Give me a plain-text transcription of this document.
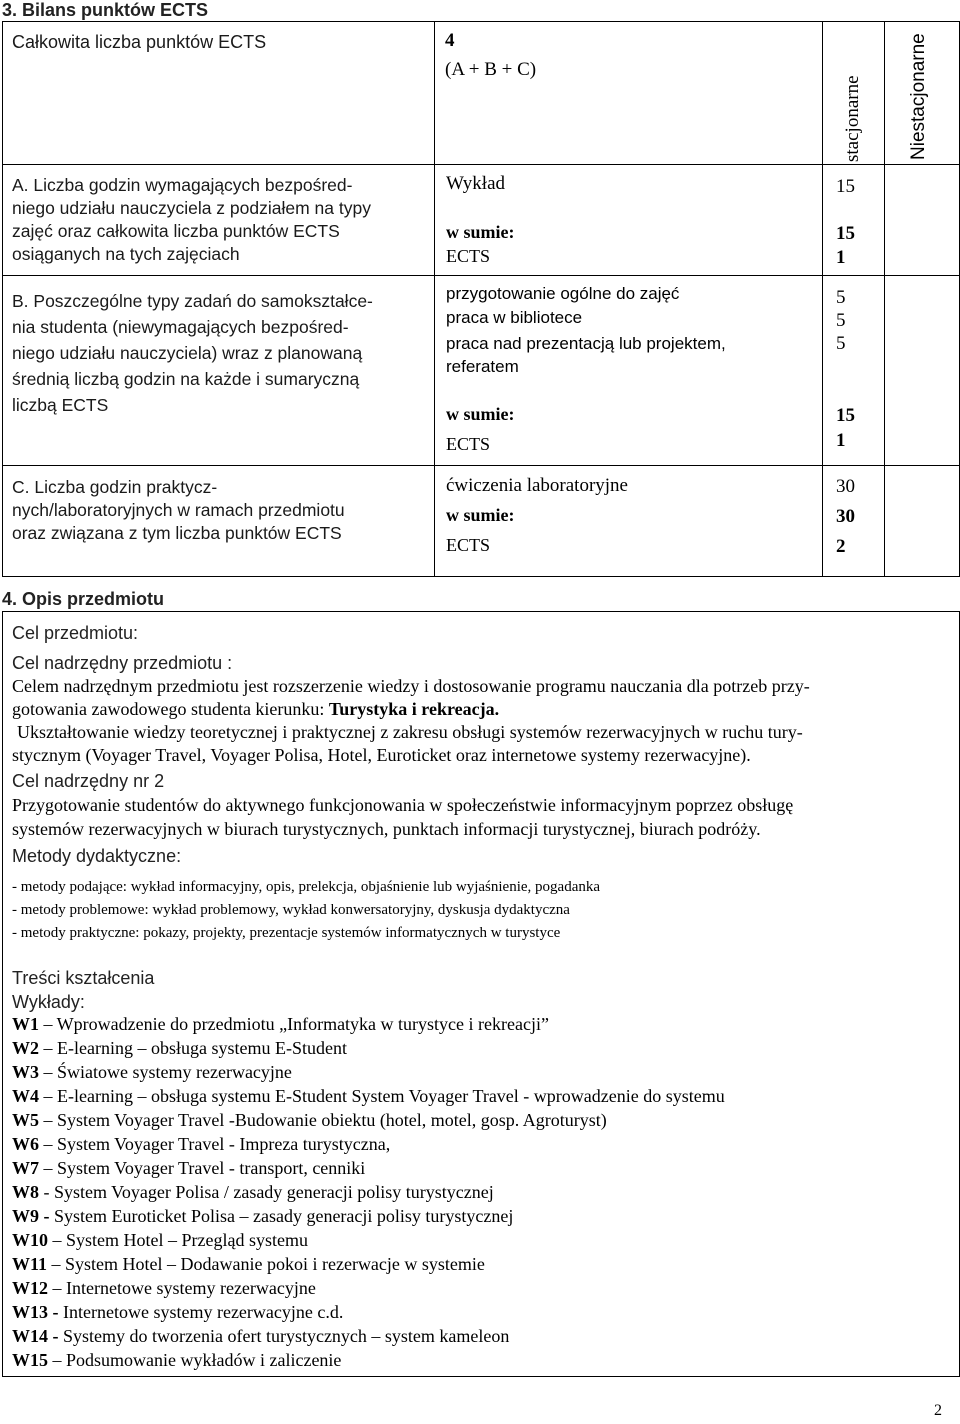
3. Bilans punktów ECTS
Całkowita liczba punktów ECTS	4
(A + B + C)
stacjonarne Niestacjonarne
A. Liczba godzin wymagających bezpośred-
niego udziału nauczyciela z podziałem na typy
zajęć oraz całkowita liczba punktów ECTS
osiąganych na tych zajęciach
Wykład
w sumie:
ECTS
15
15
1
B. Poszczególne typy zadań do samokształce-
nia studenta (niewymagających bezpośred-
niego udziału nauczyciela) wraz z planowaną
średnią liczbą godzin na każde i sumaryczną
liczbą ECTS
przygotowanie ogólne do zajęć
praca w bibliotece
praca nad prezentacją lub projektem, referatem
w sumie:
ECTS
5
5
5
15
1
C. Liczba godzin praktycz-
nych/laboratoryjnych w ramach przedmiotu
oraz związana z tym liczba punktów ECTS
ćwiczenia laboratoryjne
w sumie:
ECTS
30
30
2
4. Opis przedmiotu
Cel przedmiotu:
Cel nadrzędny przedmiotu :
Celem nadrzędnym przedmiotu jest rozszerzenie wiedzy i dostosowanie programu nauczania dla potrzeb przy-
gotowania zawodowego studenta kierunku: Turystyka i rekreacja.
Ukształtowanie wiedzy teoretycznej i praktycznej z zakresu obsługi systemów rezerwacyjnych w ruchu tury-
stycznym (Voyager Travel, Voyager Polisa, Hotel, Euroticket oraz internetowe systemy rezerwacyjne).
Cel nadrzędny nr 2
Przygotowanie studentów do aktywnego funkcjonowania w społeczeństwie informacyjnym poprzez obsługę
systemów rezerwacyjnych w biurach turystycznych, punktach informacji turystycznej, biurach podróży.
Metody dydaktyczne:
- metody podające: wykład informacyjny, opis, prelekcja, objaśnienie lub wyjaśnienie, pogadanka
- metody problemowe: wykład problemowy, wykład konwersatoryjny, dyskusja dydaktyczna
- metody praktyczne: pokazy, projekty, prezentacje systemów informatycznych w turystyce
Treści kształcenia
Wykłady:
W1 – Wprowadzenie do przedmiotu „Informatyka w turystyce i rekreacji”
W2 – E-learning – obsługa systemu E-Student
W3 – Światowe systemy rezerwacyjne
W4 – E-learning – obsługa systemu E-Student System Voyager Travel - wprowadzenie do systemu
W5 – System Voyager Travel -Budowanie obiektu (hotel, motel, gosp. Agroturyst)
W6 – System Voyager Travel - Impreza turystyczna,
W7 – System Voyager Travel - transport, cenniki
W8 - System Voyager Polisa / zasady generacji polisy turystycznej
W9 - System Euroticket Polisa – zasady generacji polisy turystycznej
W10 – System Hotel – Przegląd systemu
W11 – System Hotel – Dodawanie pokoi i rezerwacje w systemie
W12 – Internetowe systemy rezerwacyjne
W13 - Internetowe systemy rezerwacyjne c.d.
W14 - Systemy do tworzenia ofert turystycznych – system kameleon
W15 – Podsumowanie wykładów i zaliczenie
2
